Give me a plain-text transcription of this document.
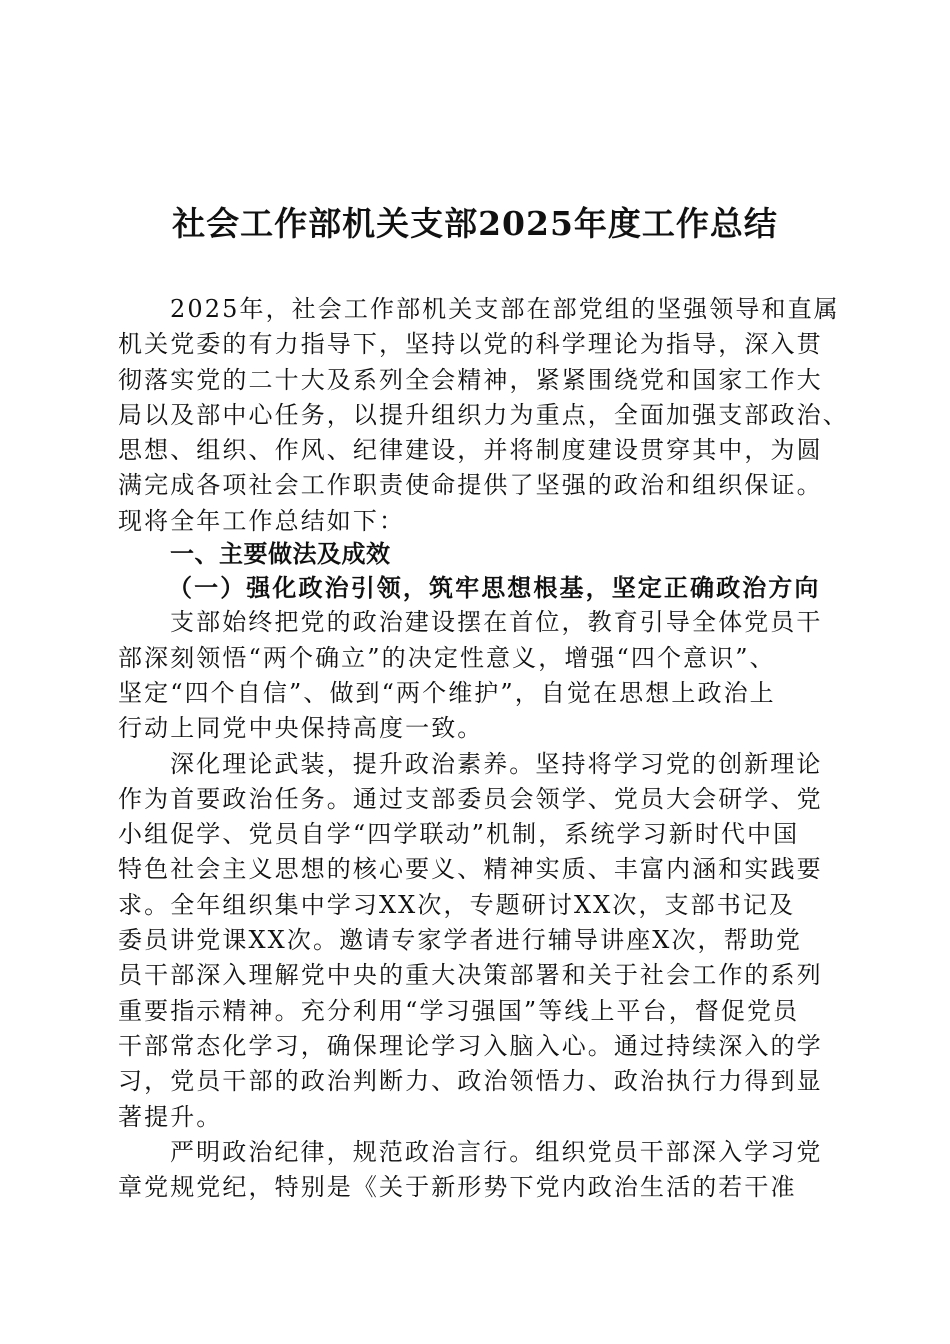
社会工作部机关支部2025年度工作总结
2025年，社会工作部机关支部在部党组的坚强领导和直属
机关党委的有力指导下，坚持以党的科学理论为指导，深入贯
彻落实党的二十大及系列全会精神，紧紧围绕党和国家工作大
局以及部中心任务，以提升组织力为重点，全面加强支部政治、
思想、组织、作风、纪律建设，并将制度建设贯穿其中，为圆
满完成各项社会工作职责使命提供了坚强的政治和组织保证。
现将全年工作总结如下：
一、主要做法及成效
（一）强化政治引领，筑牢思想根基，坚定正确政治方向
支部始终把党的政治建设摆在首位，教育引导全体党员干
部深刻领悟“两个确立”的决定性意义，增强“四个意识”、
坚定“四个自信”、做到“两个维护”，自觉在思想上政治上
行动上同党中央保持高度一致。
深化理论武装，提升政治素养。坚持将学习党的创新理论
作为首要政治任务。通过支部委员会领学、党员大会研学、党
小组促学、党员自学“四学联动”机制，系统学习新时代中国
特色社会主义思想的核心要义、精神实质、丰富内涵和实践要
求。全年组织集中学习XX次，专题研讨XX次，支部书记及
委员讲党课XX次。邀请专家学者进行辅导讲座X次，帮助党
员干部深入理解党中央的重大决策部署和关于社会工作的系列
重要指示精神。充分利用“学习强国”等线上平台，督促党员
干部常态化学习，确保理论学习入脑入心。通过持续深入的学
习，党员干部的政治判断力、政治领悟力、政治执行力得到显
著提升。
严明政治纪律，规范政治言行。组织党员干部深入学习党
章党规党纪，特别是《关于新形势下党内政治生活的若干准
